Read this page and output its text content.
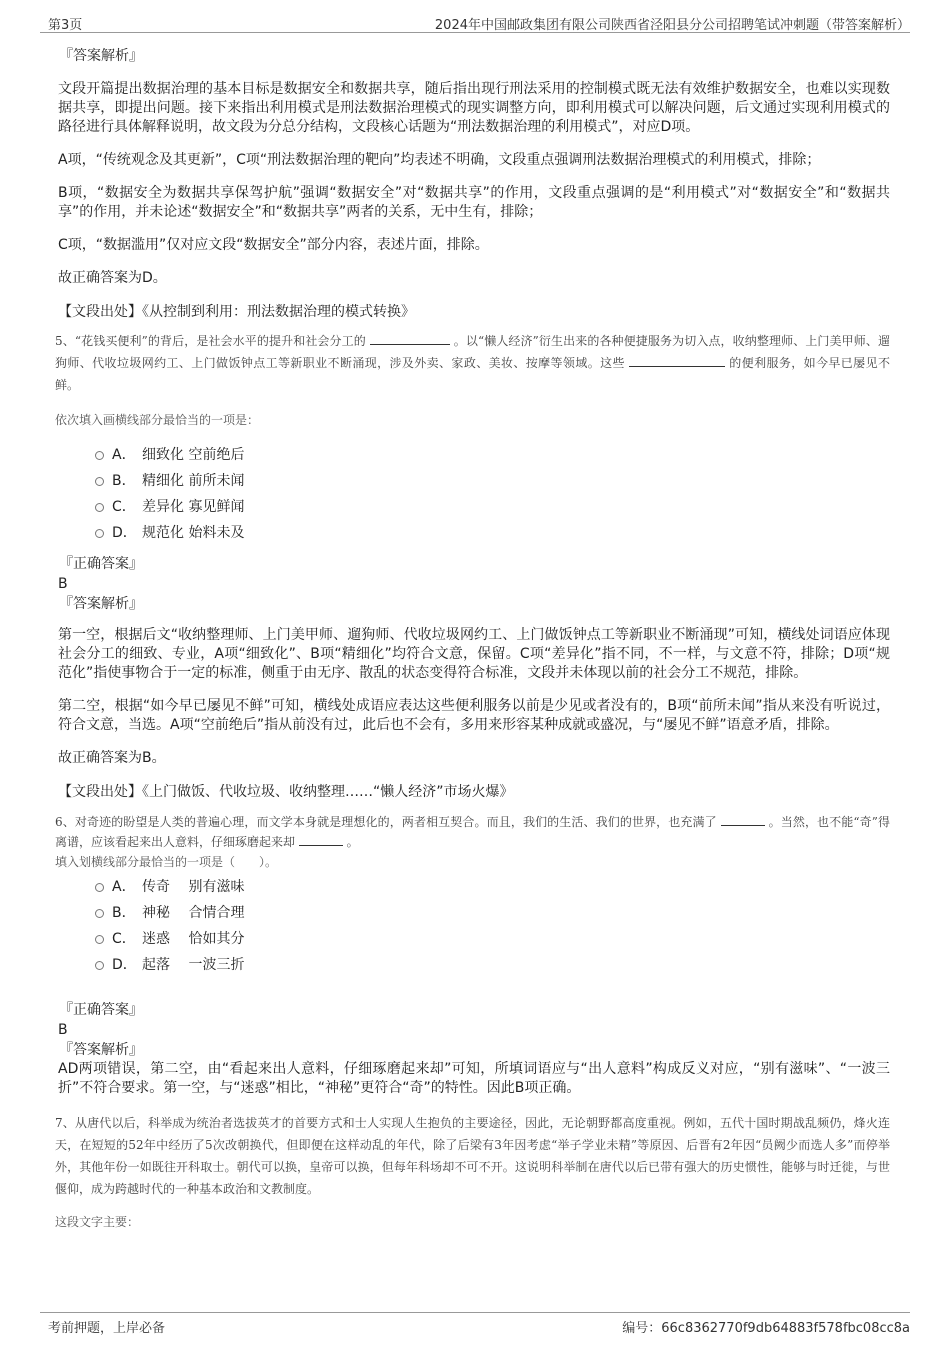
第3页	2024年中国邮政集团有限公司陕西省泾阳县分公司招聘笔试冲刺题（带答案解析）
『答案解析』

文段开篇提出数据治理的基本目标是数据安全和数据共享，随后指出现行刑法采用的控制模式既无法有效维护数据安全，也难以实现数据共享，即提出问题。接下来指出利用模式是刑法数据治理模式的现实调整方向，即利用模式可以解决问题，后文通过实现利用模式的路径进行具体解释说明，故文段为分总分结构，文段核心话题为“刑法数据治理的利用模式”，对应D项。

A项，“传统观念及其更新”，C项“刑法数据治理的靶向”均表述不明确，文段重点强调刑法数据治理模式的利用模式，排除；

B项，“数据安全为数据共享保驾护航”强调“数据安全”对“数据共享”的作用，文段重点强调的是“利用模式”对“数据安全”和“数据共享”的作用，并未论述“数据安全”和“数据共享”两者的关系，无中生有，排除；

C项，“数据滥用”仅对应文段“数据安全”部分内容，表述片面，排除。

故正确答案为D。

【文段出处】《从控制到利用：刑法数据治理的模式转换》

5、“花钱买便利”的背后，是社会水平的提升和社会分工的	。以“懒人经济”衍生出来的各种便捷服务为切入点，收纳整理师、上门美甲师、遛狗师、代收垃圾网约工、上门做饭钟点工等新职业不断涌现，涉及外卖、家政、美妆、按摩等领域。这些	的便利服务，如今早已屡见不鲜。

依次填入画横线部分最恰当的一项是：

A． 细致化 空前绝后
B． 精细化 前所未闻
C． 差异化 寡见鲜闻
D． 规范化 始料未及
『正确答案』
B
『答案解析』

第一空，根据后文“收纳整理师、上门美甲师、遛狗师、代收垃圾网约工、上门做饭钟点工等新职业不断涌现”可知，横线处词语应体现社会分工的细致、专业，A项“细致化”、B项“精细化”均符合文意，保留。C项“差异化”指不同，不一样，与文意不符，排除；D项“规范化”指使事物合于一定的标准，侧重于由无序、散乱的状态变得符合标准，文段并未体现以前的社会分工不规范，排除。

第二空，根据“如今早已屡见不鲜”可知，横线处成语应表达这些便利服务以前是少见或者没有的，B项“前所未闻”指从来没有听说过，符合文意，当选。A项“空前绝后”指从前没有过，此后也不会有，多用来形容某种成就或盛况，与“屡见不鲜”语意矛盾，排除。

故正确答案为B。

【文段出处】《上门做饭、代收垃圾、收纳整理……“懒人经济”市场火爆》

6、对奇迹的盼望是人类的普遍心理，而文学本身就是理想化的，两者相互契合。而且，我们的生活、我们的世界，也充满了	。当然，也不能“奇”得离谱，应该看起来出人意料，仔细琢磨起来却	。

填入划横线部分最恰当的一项是（　　）。

A． 传奇　 别有滋味
B． 神秘　 合情合理
C． 迷惑　 恰如其分
D． 起落　 一波三折
『正确答案』
B
『答案解析』

AD两项错误，第二空，由“看起来出人意料，仔细琢磨起来却”可知，所填词语应与“出人意料”构成反义对应，“别有滋味”、“一波三折”不符合要求。第一空，与“迷惑”相比，“神秘”更符合“奇”的特性。因此B项正确。

7、从唐代以后，科举成为统治者选拔英才的首要方式和士人实现人生抱负的主要途径，因此，无论朝野都高度重视。例如，五代十国时期战乱频仍，烽火连天，在短短的52年中经历了5次改朝换代，但即便在这样动乱的年代，除了后梁有3年因考虑“举子学业未精”等原因、后晋有2年因“员阙少而选人多”而停举外，其他年份一如既往开科取士。朝代可以换，皇帝可以换，但每年科场却不可不开。这说明科举制在唐代以后已带有强大的历史惯性，能够与时迁徙，与世偃仰，成为跨越时代的一种基本政治和文教制度。

这段文字主要：

考前押题，上岸必备	编号：66c8362770f9db64883f578fbc08cc8a
